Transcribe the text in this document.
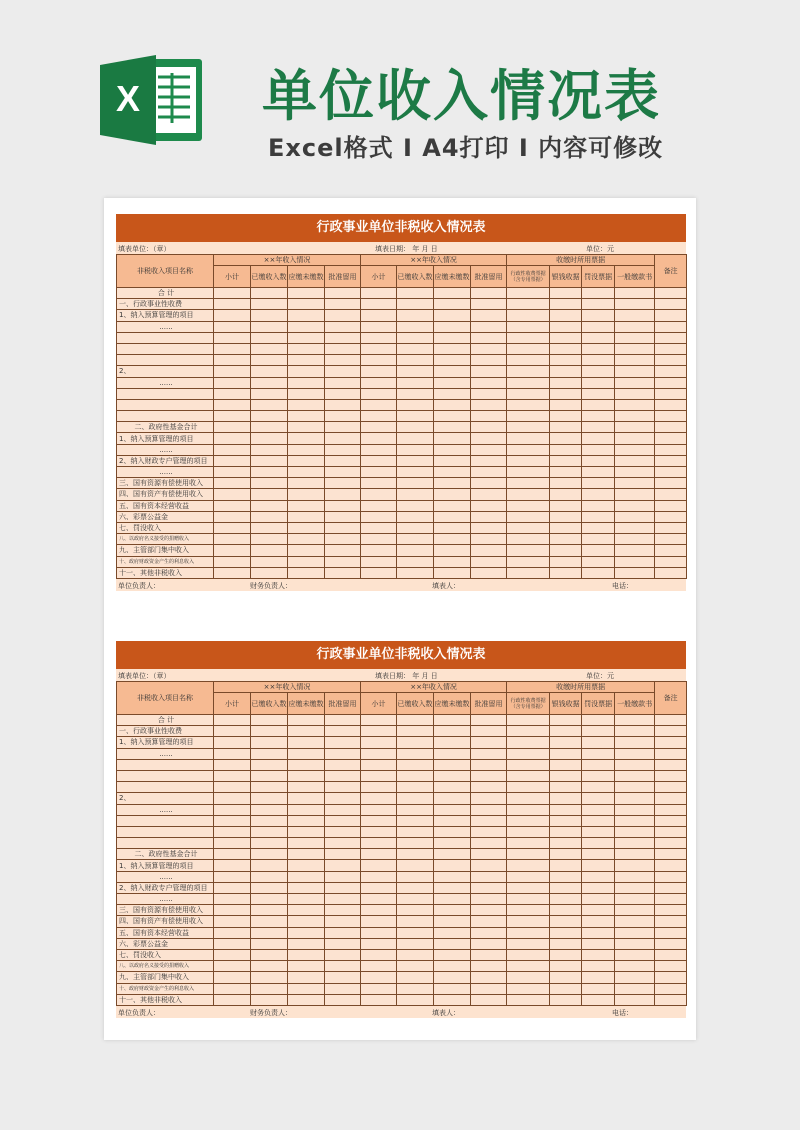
X 单位收入情况表
Excel格式 I A4打印 I 内容可修改
行政事业单位非税收入情况表
填表单位：（章）	填表日期： 年 月 日	单位：元
非税收入项目名称	××年收入情况				××年收入情况				收缴时所用票据				备注
	小计	已缴收入数	应缴未缴数	批准留用	小计	已缴收入数	应缴未缴数	批准留用	行政性收费票据（含专用票据）	银钱收据	罚没票据	一般缴款书	
合 计													
一、行政事业性收费													
1、纳入预算管理的项目													
......													

2、													
......													

二、政府性基金合计													
1、纳入预算管理的项目													
......													
2、纳入财政专户管理的项目													
......													
三、国有资源有偿使用收入													
四、国有资产有偿使用收入													
五、国有资本经营收益													
六、彩票公益金													
七、罚没收入													
八、以政府名义接受的捐赠收入													
九、主管部门集中收入													
十、政府财政资金产生的利息收入													
十一、其他非税收入													
单位负责人：	财务负责人：	填表人：	电话：
行政事业单位非税收入情况表
填表单位：（章）	填表日期： 年 月 日	单位：元
非税收入项目名称	××年收入情况				××年收入情况				收缴时所用票据				备注
	小计	已缴收入数	应缴未缴数	批准留用	小计	已缴收入数	应缴未缴数	批准留用	行政性收费票据（含专用票据）	银钱收据	罚没票据	一般缴款书	
合 计													
一、行政事业性收费													
1、纳入预算管理的项目													
......													

2、													
......													

二、政府性基金合计													
1、纳入预算管理的项目													
......													
2、纳入财政专户管理的项目													
......													
三、国有资源有偿使用收入													
四、国有资产有偿使用收入													
五、国有资本经营收益													
六、彩票公益金													
七、罚没收入													
八、以政府名义接受的捐赠收入													
九、主管部门集中收入													
十、政府财政资金产生的利息收入													
十一、其他非税收入													
单位负责人：	财务负责人：	填表人：	电话：
